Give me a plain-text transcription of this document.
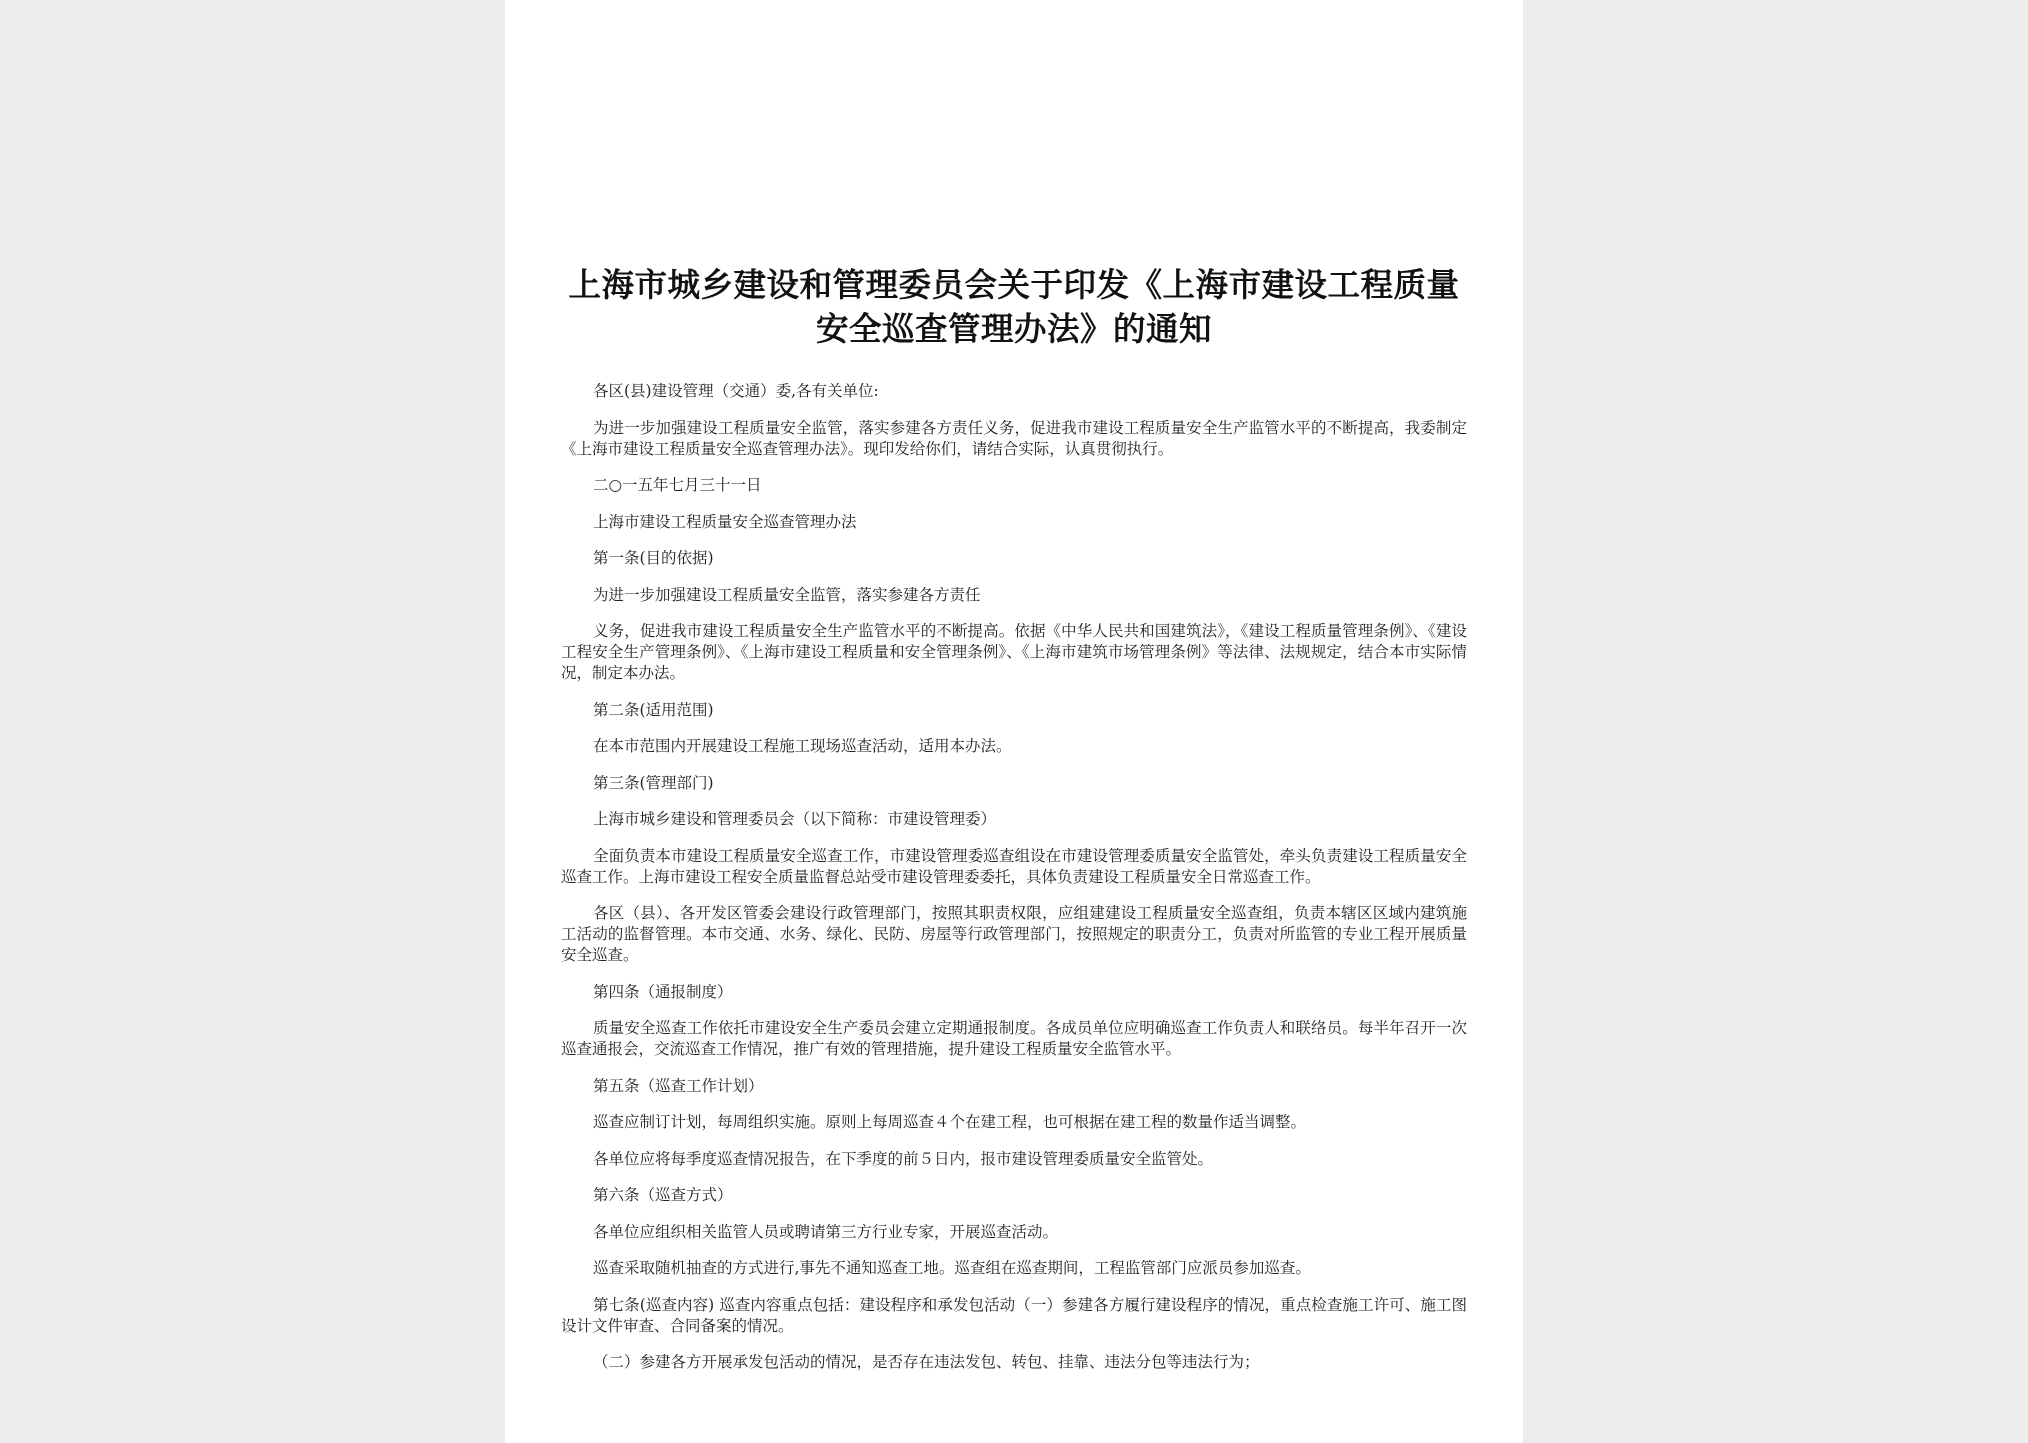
上海市城乡建设和管理委员会关于印发《上海市建设工程质量安全巡查管理办法》的通知

各区(县)建设管理（交通）委,各有关单位:

为进一步加强建设工程质量安全监管，落实参建各方责任义务，促进我市建设工程质量安全生产监管水平的不断提高，我委制定《上海市建设工程质量安全巡查管理办法》。现印发给你们，请结合实际，认真贯彻执行。

二○一五年七月三十一日

上海市建设工程质量安全巡查管理办法

第一条(目的依据)

为进一步加强建设工程质量安全监管，落实参建各方责任

义务，促进我市建设工程质量安全生产监管水平的不断提高。依据《中华人民共和国建筑法》，《建设工程质量管理条例》、《建设工程安全生产管理条例》、《上海市建设工程质量和安全管理条例》、《上海市建筑市场管理条例》等法律、法规规定，结合本市实际情况，制定本办法。

第二条(适用范围)

在本市范围内开展建设工程施工现场巡查活动，适用本办法。

第三条(管理部门)

上海市城乡建设和管理委员会（以下简称：市建设管理委）

全面负责本市建设工程质量安全巡查工作，市建设管理委巡查组设在市建设管理委质量安全监管处，牵头负责建设工程质量安全巡查工作。上海市建设工程安全质量监督总站受市建设管理委委托，具体负责建设工程质量安全日常巡查工作。

各区（县）、各开发区管委会建设行政管理部门，按照其职责权限，应组建建设工程质量安全巡查组，负责本辖区区域内建筑施工活动的监督管理。本市交通、水务、绿化、民防、房屋等行政管理部门，按照规定的职责分工，负责对所监管的专业工程开展质量安全巡查。

第四条（通报制度）

质量安全巡查工作依托市建设安全生产委员会建立定期通报制度。各成员单位应明确巡查工作负责人和联络员。每半年召开一次巡查通报会，交流巡查工作情况，推广有效的管理措施，提升建设工程质量安全监管水平。

第五条（巡查工作计划）

巡查应制订计划，每周组织实施。原则上每周巡查４个在建工程，也可根据在建工程的数量作适当调整。

各单位应将每季度巡查情况报告，在下季度的前５日内，报市建设管理委质量安全监管处。

第六条（巡查方式）

各单位应组织相关监管人员或聘请第三方行业专家，开展巡查活动。

巡查采取随机抽查的方式进行,事先不通知巡查工地。巡查组在巡查期间，工程监管部门应派员参加巡查。

第七条(巡查内容) 巡查内容重点包括：建设程序和承发包活动（一）参建各方履行建设程序的情况，重点检查施工许可、施工图设计文件审查、合同备案的情况。

（二）参建各方开展承发包活动的情况，是否存在违法发包、转包、挂靠、违法分包等违法行为；
